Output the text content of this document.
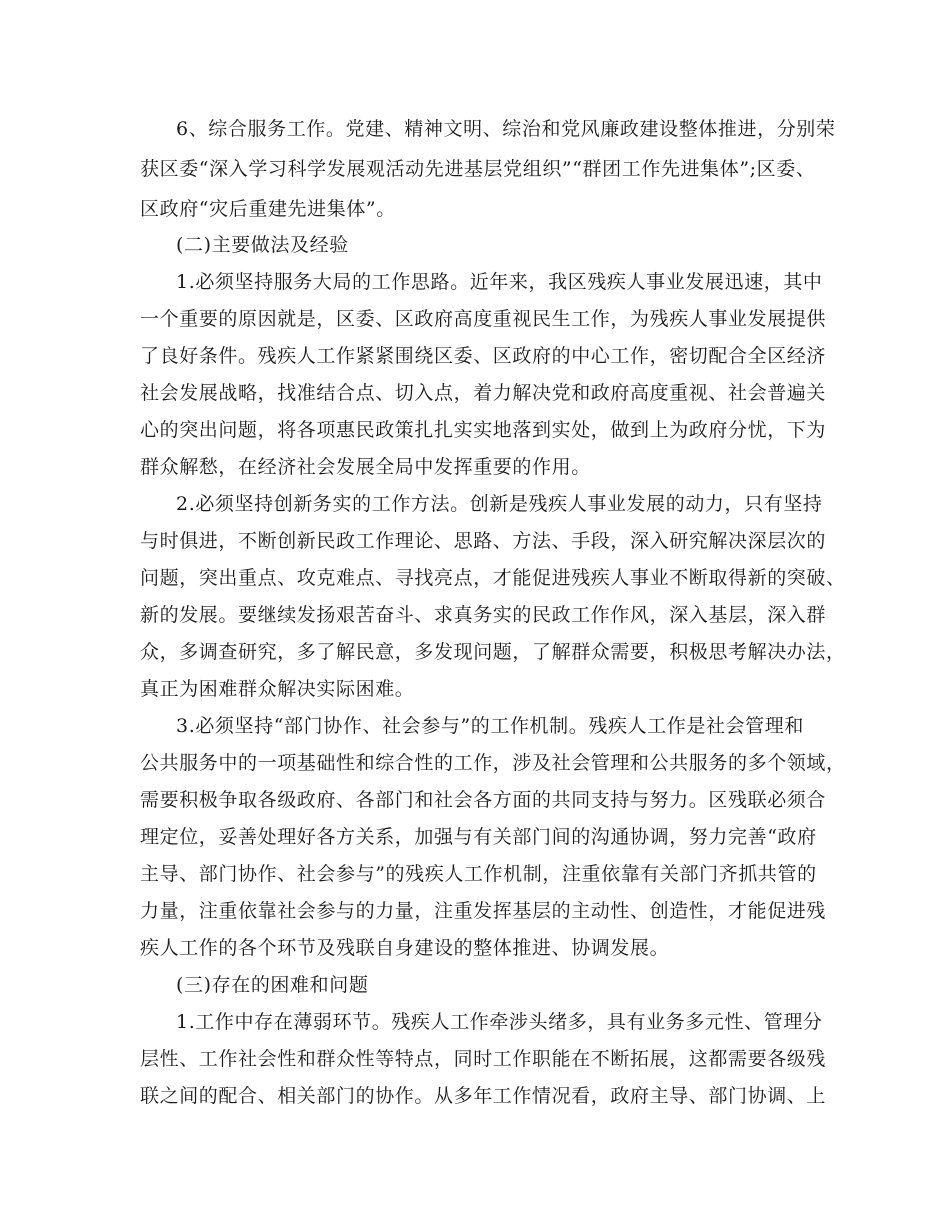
6、综合服务工作。党建、精神文明、综治和党风廉政建设整体推进，分别荣
获区委“深入学习科学发展观活动先进基层党组织”“群团工作先进集体”;区委、
区政府“灾后重建先进集体”。
(二)主要做法及经验
1.必须坚持服务大局的工作思路。近年来，我区残疾人事业发展迅速，其中
一个重要的原因就是，区委、区政府高度重视民生工作，为残疾人事业发展提供
了良好条件。残疾人工作紧紧围绕区委、区政府的中心工作，密切配合全区经济
社会发展战略，找准结合点、切入点，着力解决党和政府高度重视、社会普遍关
心的突出问题，将各项惠民政策扎扎实实地落到实处，做到上为政府分忧，下为
群众解愁，在经济社会发展全局中发挥重要的作用。
2.必须坚持创新务实的工作方法。创新是残疾人事业发展的动力，只有坚持
与时俱进，不断创新民政工作理论、思路、方法、手段，深入研究解决深层次的
问题，突出重点、攻克难点、寻找亮点，才能促进残疾人事业不断取得新的突破、
新的发展。要继续发扬艰苦奋斗、求真务实的民政工作作风，深入基层，深入群
众，多调查研究，多了解民意，多发现问题，了解群众需要，积极思考解决办法，
真正为困难群众解决实际困难。
3.必须坚持“部门协作、社会参与”的工作机制。残疾人工作是社会管理和
公共服务中的一项基础性和综合性的工作，涉及社会管理和公共服务的多个领域，
需要积极争取各级政府、各部门和社会各方面的共同支持与努力。区残联必须合
理定位，妥善处理好各方关系，加强与有关部门间的沟通协调，努力完善“政府
主导、部门协作、社会参与”的残疾人工作机制，注重依靠有关部门齐抓共管的
力量，注重依靠社会参与的力量，注重发挥基层的主动性、创造性，才能促进残
疾人工作的各个环节及残联自身建设的整体推进、协调发展。
(三)存在的困难和问题
1.工作中存在薄弱环节。残疾人工作牵涉头绪多，具有业务多元性、管理分
层性、工作社会性和群众性等特点，同时工作职能在不断拓展，这都需要各级残
联之间的配合、相关部门的协作。从多年工作情况看，政府主导、部门协调、上
